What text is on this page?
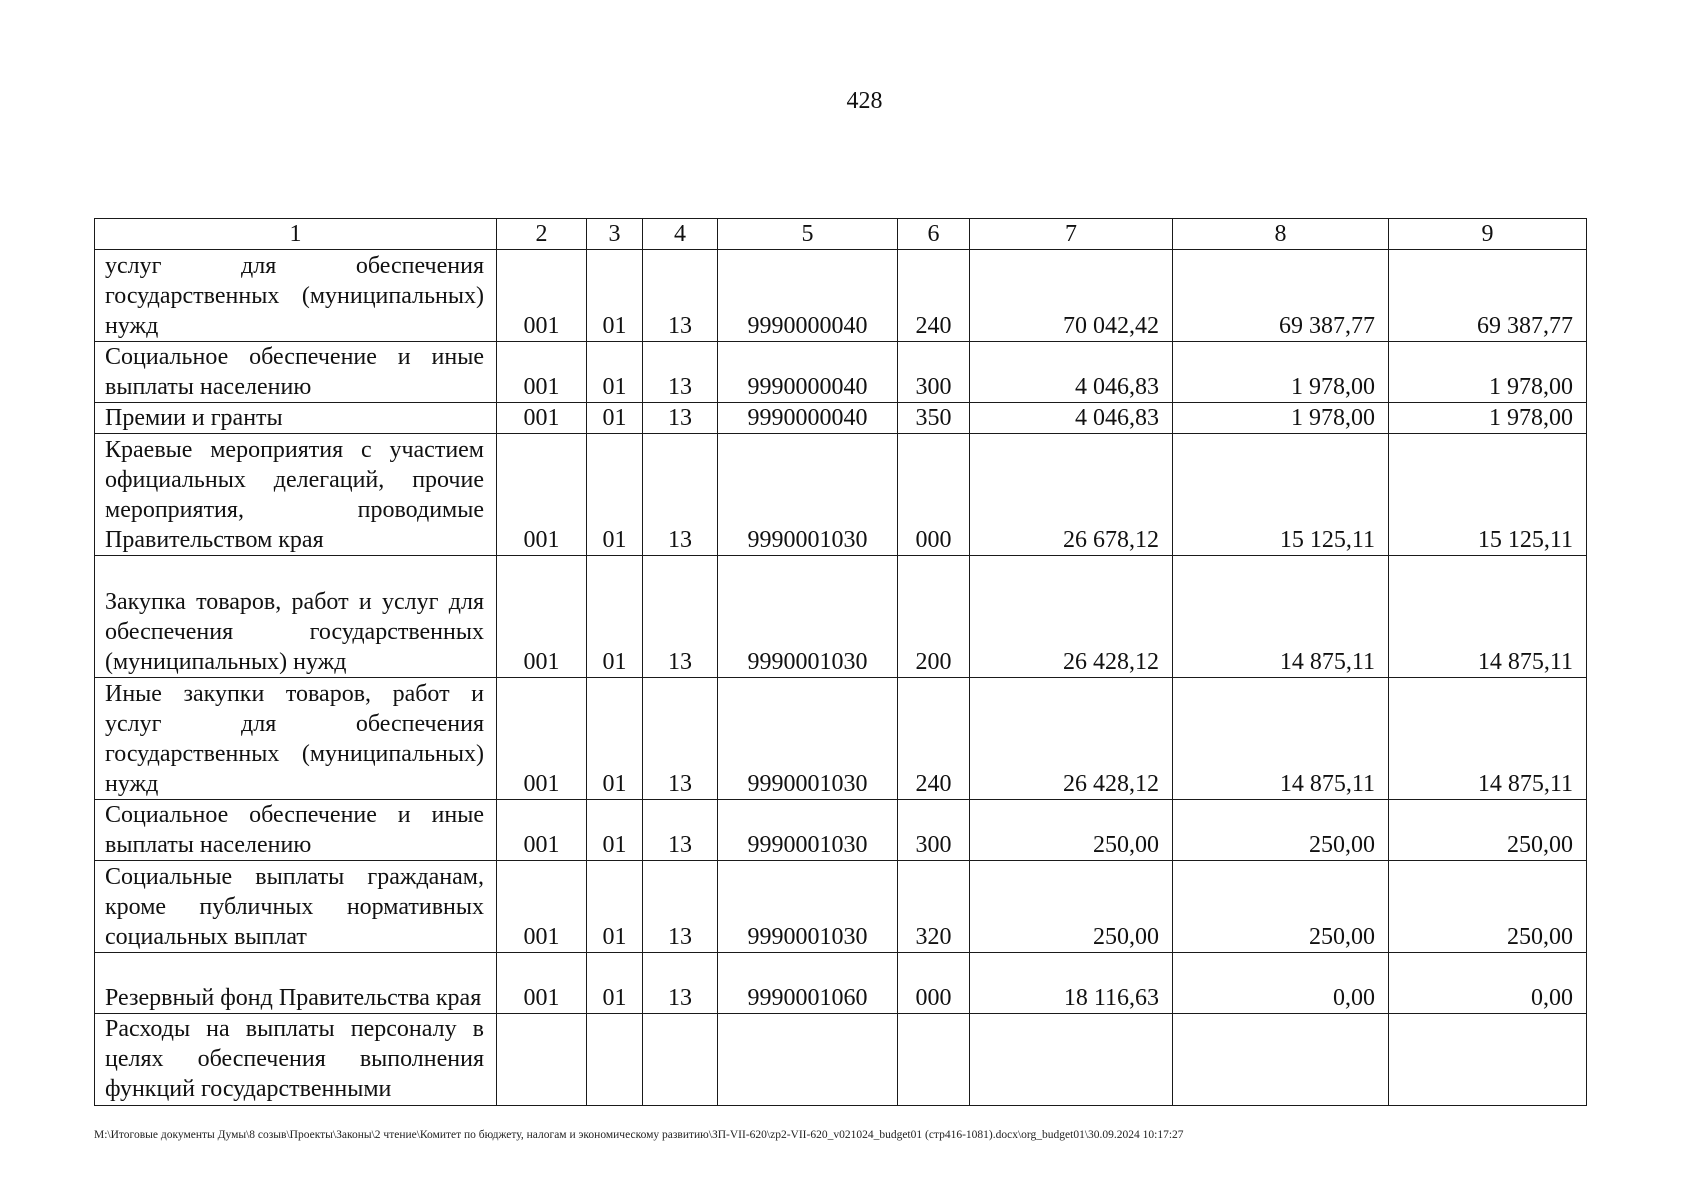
428
1	2	3	4	5	6	7	8	9
услуг для обеспечения государственных (муниципальных) нужд	001	01	13	9990000040	240	70 042,42	69 387,77	69 387,77
Социальное обеспечение и иные выплаты населению	001	01	13	9990000040	300	4 046,83	1 978,00	1 978,00
Премии и гранты	001	01	13	9990000040	350	4 046,83	1 978,00	1 978,00
Краевые мероприятия с участием официальных делегаций, прочие мероприятия, проводимые Правительством края	001	01	13	9990001030	000	26 678,12	15 125,11	15 125,11
Закупка товаров, работ и услуг для обеспечения государственных (муниципальных) нужд	001	01	13	9990001030	200	26 428,12	14 875,11	14 875,11
Иные закупки товаров, работ и услуг для обеспечения государственных (муниципальных) нужд	001	01	13	9990001030	240	26 428,12	14 875,11	14 875,11
Социальное обеспечение и иные выплаты населению	001	01	13	9990001030	300	250,00	250,00	250,00
Социальные выплаты гражданам, кроме публичных нормативных социальных выплат	001	01	13	9990001030	320	250,00	250,00	250,00
Резервный фонд Правительства края	001	01	13	9990001060	000	18 116,63	0,00	0,00
Расходы на выплаты персоналу в целях обеспечения выполнения функций государственными								
M:\Итоговые документы Думы\8 созыв\Проекты\Законы\2 чтение\Комитет по бюджету, налогам и экономическому развитию\ЗП-VII-620\zp2-VII-620_v021024_budget01 (стр416-1081).docx\org_budget01\30.09.2024 10:17:27
